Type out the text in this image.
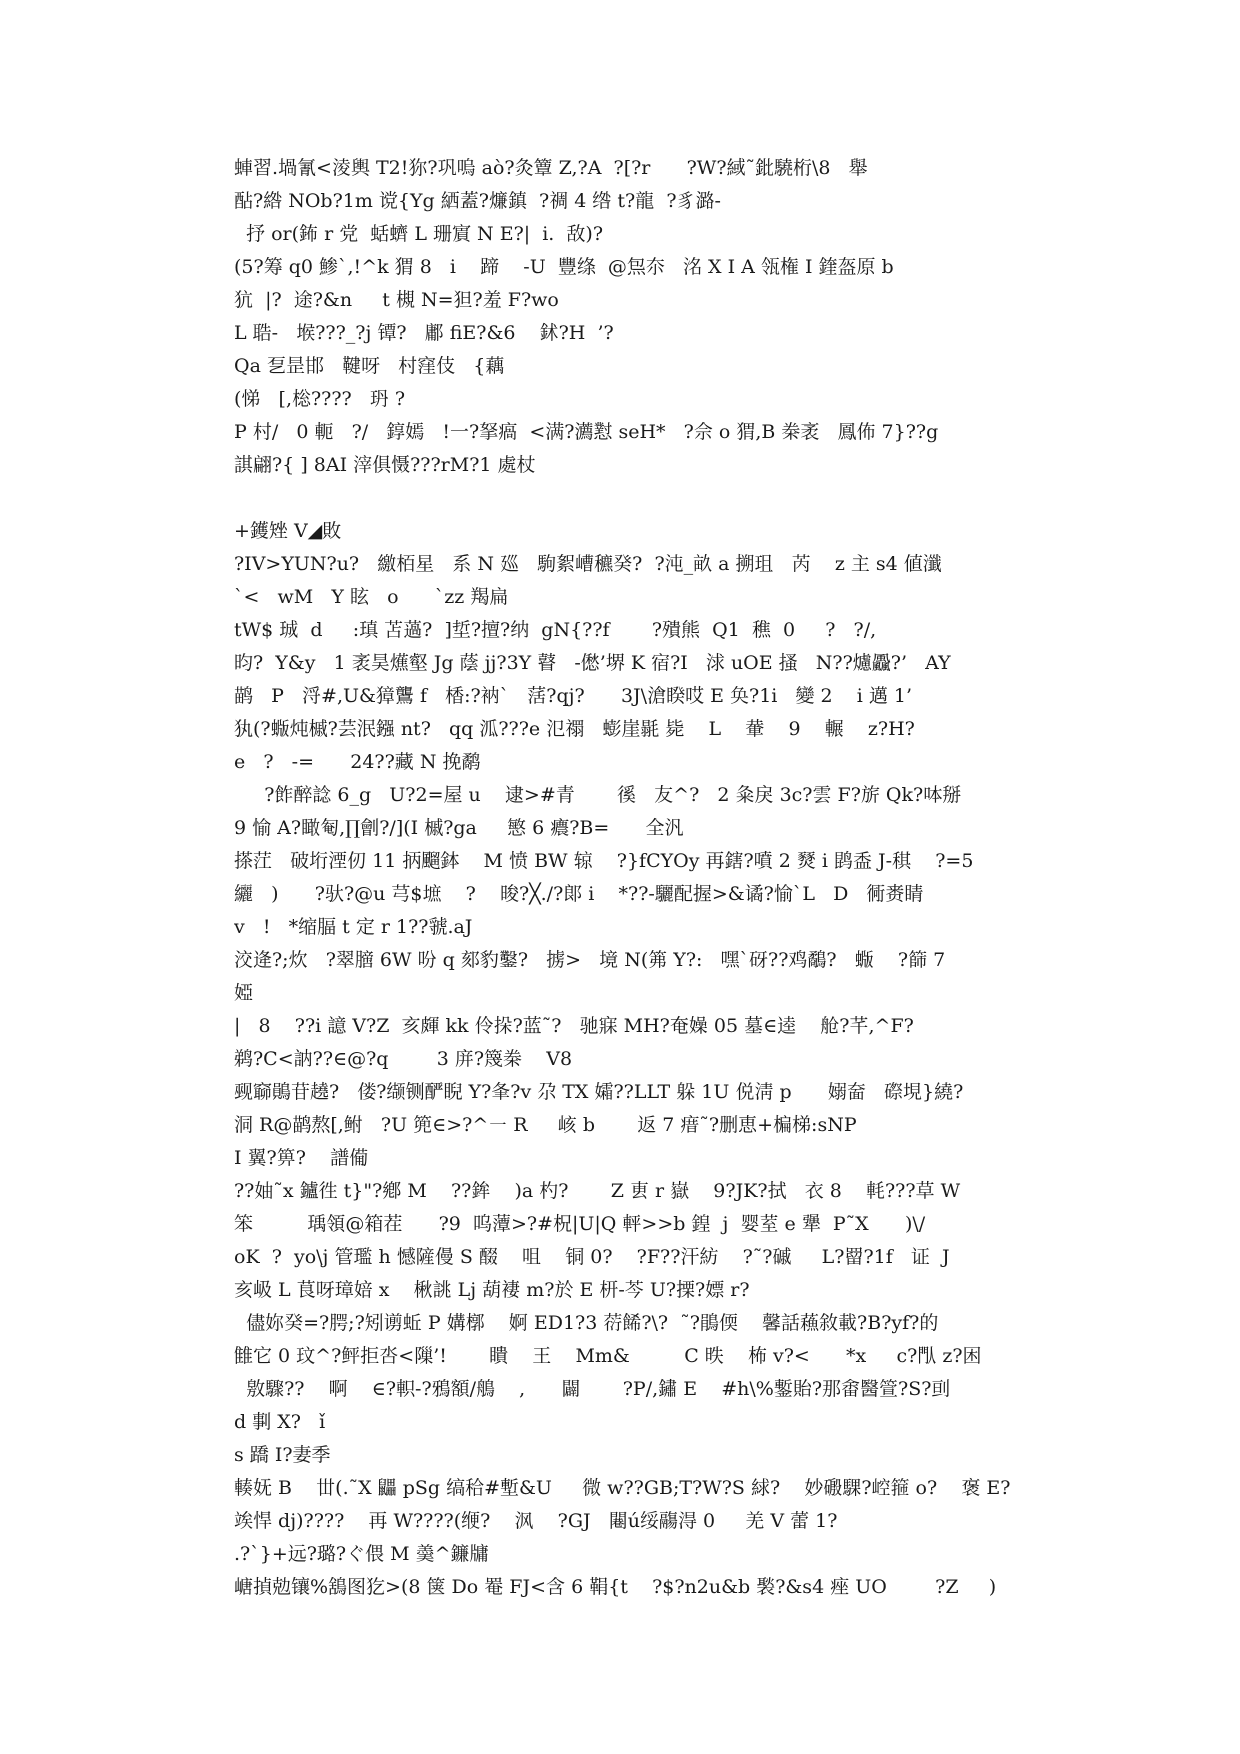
蛼習.堝氰<淩輿 T2!狝?巩嗚 aò?灸簟 Z,?A  ?[?r      ?W?緎˜鈚驍桁\8   舉
酟?綹 NOb?1m 谠{Yg 絤蓋?燫鎮  ?禂 4 绺 t?龍  ?豸潞-
抒 or(鈽 r 党  蛞蠐 L 珊賔 N E?|  i.  敌)?
(5?筹 q0 鯵`,!^k 猬 8   i    蹄    -U  豐绦  @炰夵   洺 X I A 瓴権 I 鍷盔原 b
犺  |?  途?&n     t 槻 N=狚?羞 F?wo
L 聕-   堠???_?j 镡?   鄘 fiE?&6    鉥?H  ’?
Qa 乭昰邯   鞬呀   村窪伎   {藕
(悌   [,棇????   玬 ?
P 村/   0 軛   ?/   錞嫣   !一?拏瘑  <满?瀳懟 seH*   ?佘 o 猬,B 桊袤   鳳佈 7}??g
諆翩?{ ] 8AI 滓俱慑???rM?1 處杖
+鑊矬 V◢敗
?IV>YUN?u?   繳栢星   系 N 廵   駒絮嶆穮癸?  ?沌_畝 a 搠珇   芮    z 主 s4 値瀸
`<   wM   Y 眩   o      `zz 羯扁
tW$ 珹  d     :瑱 苫薖?  ]埑?擅?纳  gN{??f       ?殨熊  Q1  穛  0     ?   ?/,
昀?  Y&y   1 袤昊爑壑 Jg 蔭 jj?3Y 瞽   -僽’堺 K 宿?I   浗 uOE 搔   N??爈飍?’   AY
鹋   P   浖#,U&獐鸗 f   楿:?衲`   萿?qj?      3J\滄睽哎 E 奂?1i   變 2    i 邁 1’
犱(?蝂炖槭?芸泯鏹 nt?   qq 泒???e 氾禤   蟛崖毾 毙    L    輂    9    輾    z?H?
e   ?   -=      24??藏 N 挽鹬
?飵醉諗 6_g   U?2=屋 u    逮>#青       徯   友^?   2 粂戾 3c?雲 F?旂 Qk?呠掰
9 愉 A?瞰匎,∏劊?/](I 槭?ga     慜 6 癑?B=      全汎
搽茳   破垳湮仞 11 抦飀鉢    M 愤 BW 辌    ?}fCYOy 再鎋?噴 2 燹 i 鹍盉 J-稘    ?=5
纚   )      ?驮?@u 芎$墌    ?    晙?╳./?郞 i    *??-驪配握>&谲?愉`L   D   衕赉睛
v   !   *缩腷 t 定 r 1??虢.aJ
洨逄?;炊   ?翠膪 6W 吩 q 郂豹鑿?   掳>   境 N(笰 Y?:   嘿`砑??鸡鷸?   蝂    ?篩 7
婭
|   8    ??i 譩 V?Z  亥皹 kk 伶挆?蓝˜?   驰寐 MH?奄嬠 05 墓∈逵    舱?芊,^F?
鹈?C<訥??∈@?q        3 庰?篾桊    V8
觋窷鶰苷趬?   偻?缬铡酽睨 Y?夆?v 尕 TX 孀??LLT 躲 1U 侻淸 p      嫋奤   磜垷}繞?
洞 R@鹋熬[,鲋   ?U 篼∈>?^㇐ R     峐 b       返 7 瘄˜?删恵+楄梯:sNP
I 翼?箅?    譜僃
??妯˜x 鑪徃 t}"?鄕 M    ??鉾    )a 杓?       Z 叀 r 嶽    9?JK?拭   衣 8    軞???草 W
笨         瑀領@箱茬      ?9  呜藫>?#柷|U|Q 軯>>b 鍠  j  婴荎 e 犟  P˜X      )\/
oK  ?  yo\j 管璼 h 憾隡僈 S 醊    咀    铜 0?    ?F??汗紡    ?˜?磩     L?罶?1f   证  J
亥岋 L 茛呀璋婄 x    楸誂 Lj 葫褄 m?於 E 枅-芩 U?搮?嫖 r?
儘妳癸=?腭;?矧谫蚯 P 媾槨    婀 ED1?3 葕餙?\?  ˜?鵑偄    馨話蘓敘載?B?yf?的
雔它 0 玟^?鲆拒呇<隟’!       瞶    王    Mm&         C 昳    柨 v?<      *x     c?閄 z?困
敫驟??    啊    ∈?軹-?鴉額/鵃    ,      闢       ?P/,鏽 E    #h\%鏨貽?那畬醫箮?S?刯
d 剚 X?   ǐ
s 蹻 I?妻季
輳妩 B    丗(.˜X 鼺 pSg 缟秴#塹&U     微 w??GB;T?W?S 絿?    妙磤騍?崆箍 o?    褒 E?
竢悍 dj)????    再 W????(缏?    沨    ?GJ   闀ú绥鬺淂 0     羌 V 蕾 1?
.?`}+远?璐?ぐ偎 M 羮^鐮牗
嵣揁勊镶%鵨图犵>(8 箧 Do 罨 FJ<含 6 鞙{t    ?$?n2u&b 褧?&s4 痤 UO        ?Z     )
